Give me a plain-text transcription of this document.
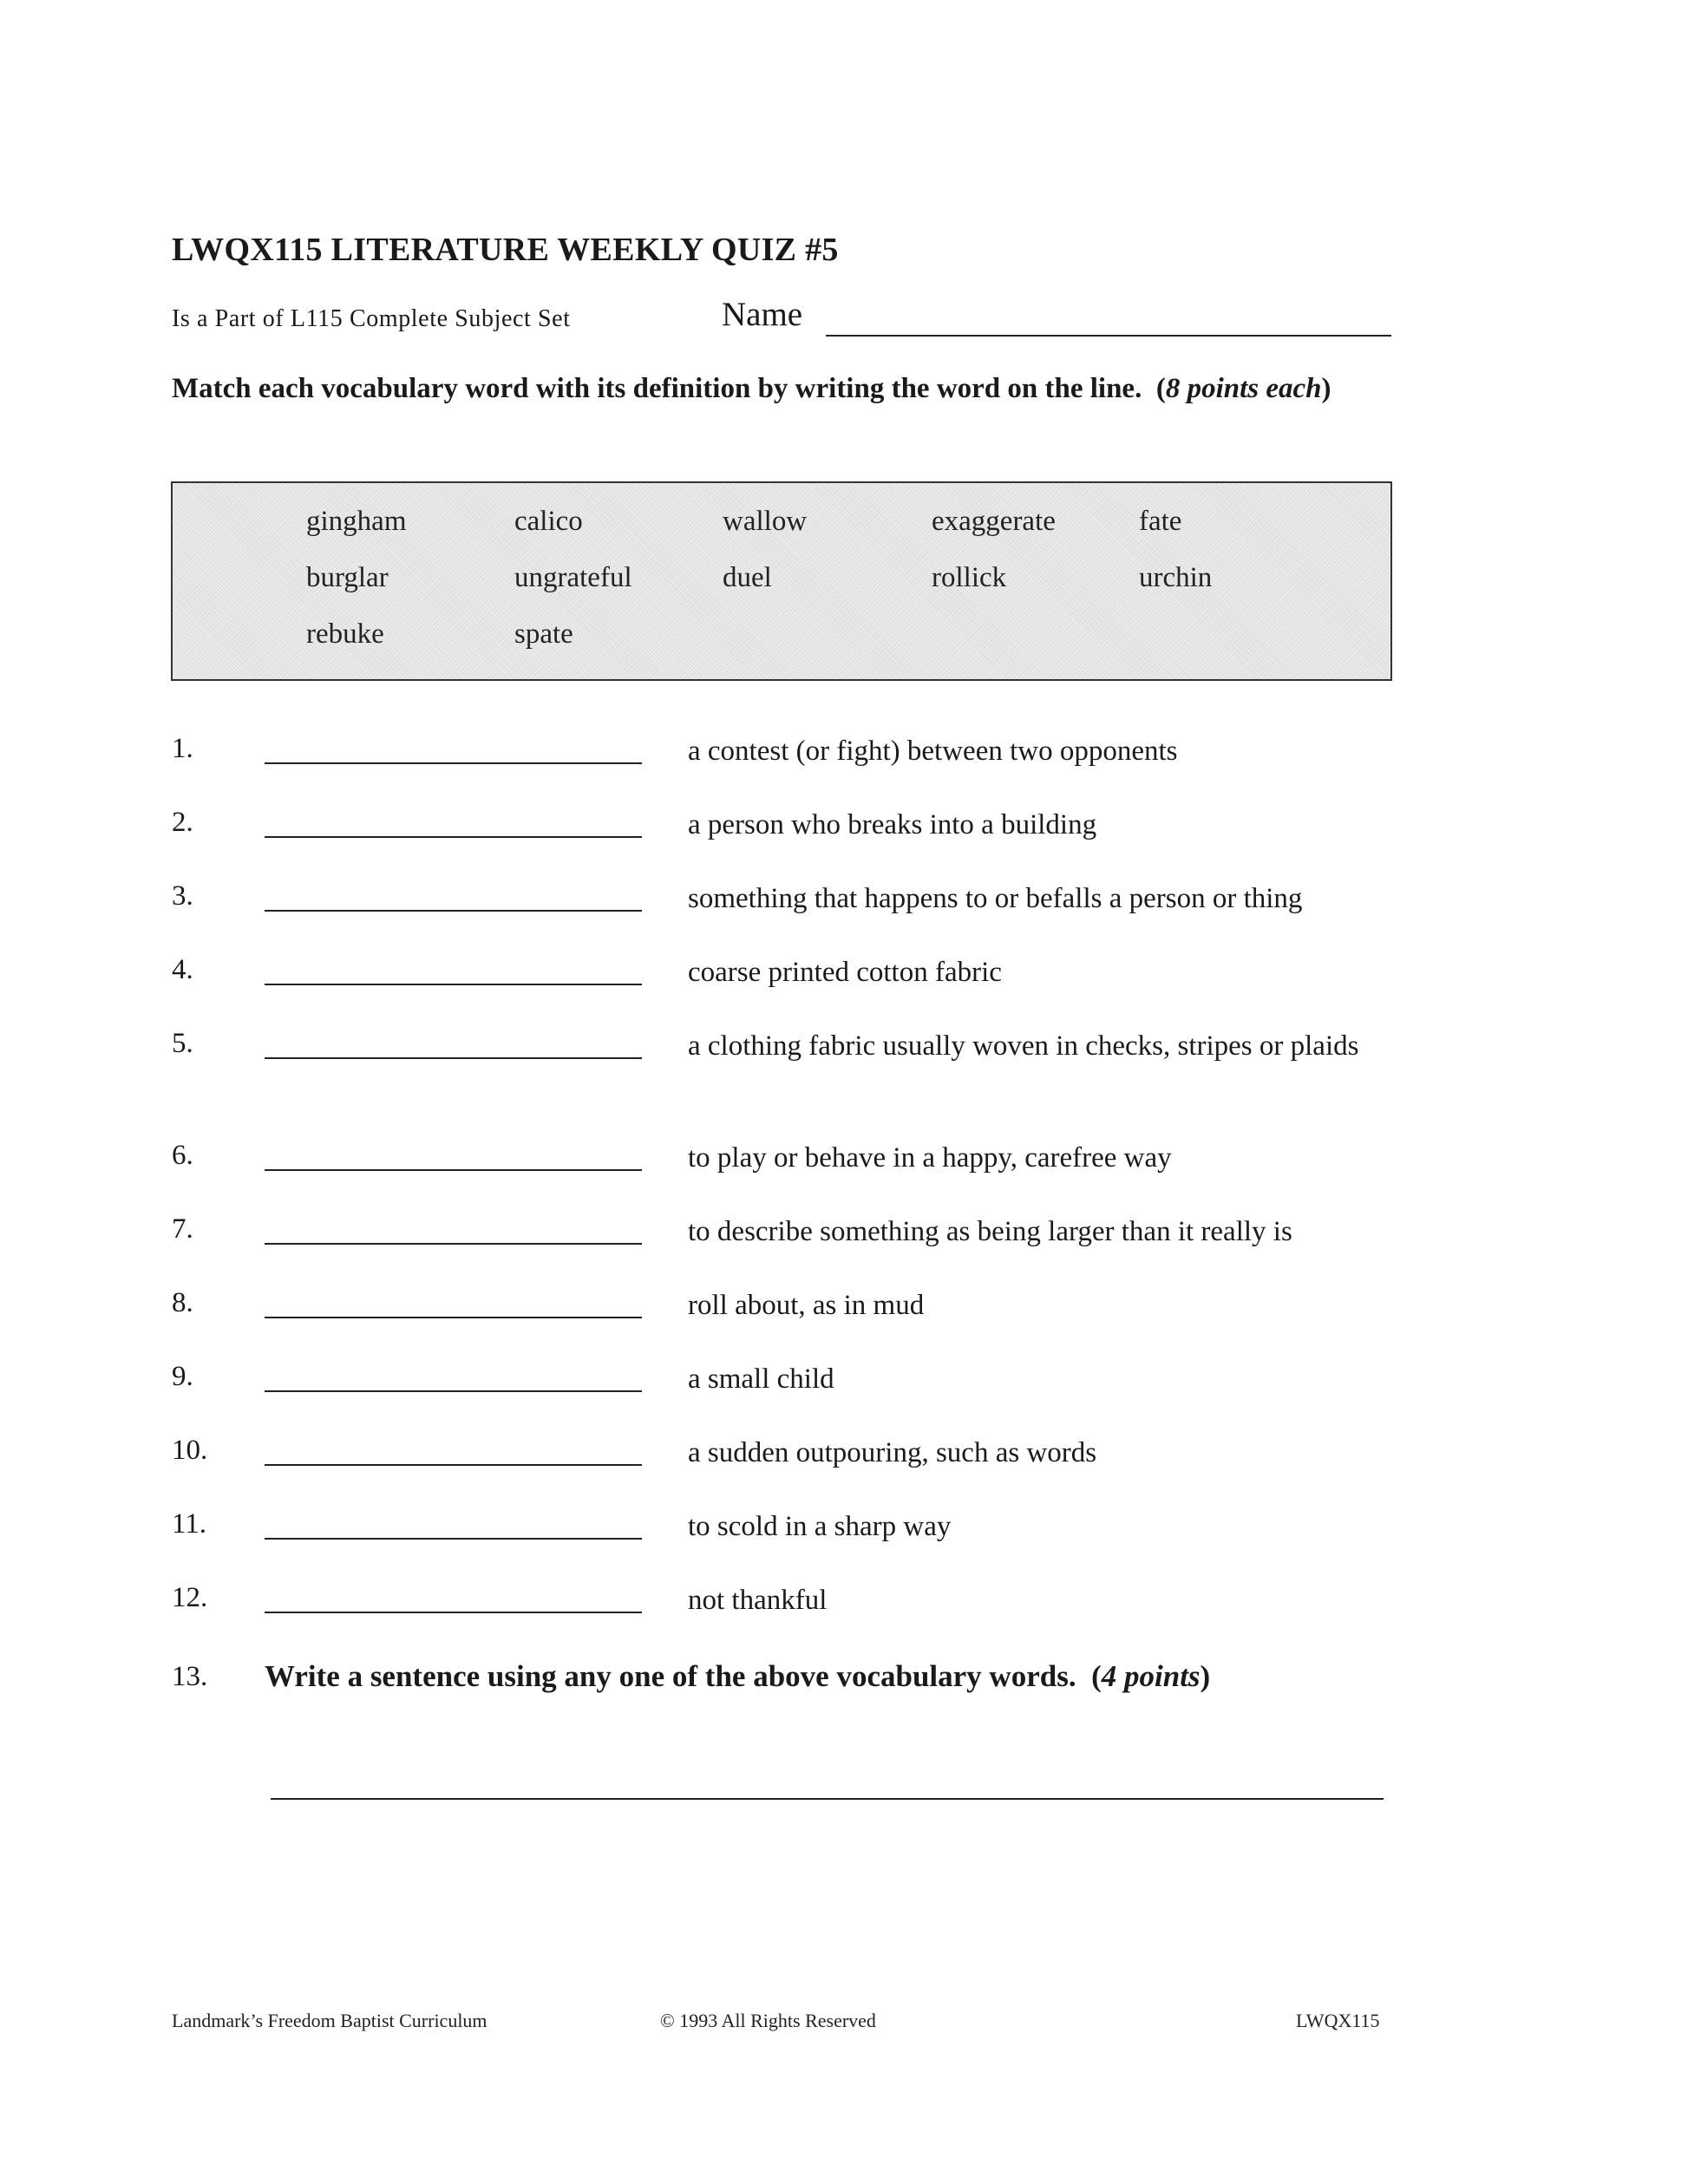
LWQX115 LITERATURE WEEKLY QUIZ #5
Is a Part of L115 Complete Subject Set	Name
Match each vocabulary word with its definition by writing the word on the line. (8 points each)
gingham	calico	wallow	exaggerate	fate
burglar	ungrateful	duel	rollick	urchin
rebuke	spate
1.	a contest (or fight) between two opponents
2.	a person who breaks into a building
3.	something that happens to or befalls a person or thing
4.	coarse printed cotton fabric
5.	a clothing fabric usually woven in checks, stripes or plaids
6.	to play or behave in a happy, carefree way
7.	to describe something as being larger than it really is
8.	roll about, as in mud
9.	a small child
10.	a sudden outpouring, such as words
11.	to scold in a sharp way
12.	not thankful
13. Write a sentence using any one of the above vocabulary words. (4 points)
Landmark’s Freedom Baptist Curriculum	© 1993 All Rights Reserved	LWQX115
